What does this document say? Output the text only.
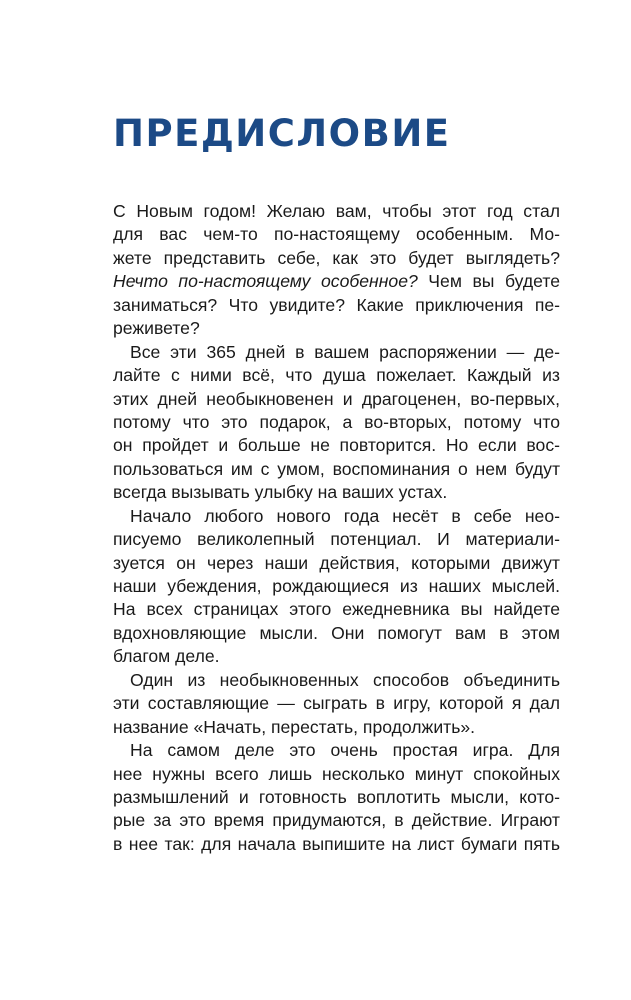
ПРЕДИСЛОВИЕ
С Новым годом! Желаю вам, чтобы этот год стал
для вас чем-то по-настоящему особенным. Мо-
жете представить себе, как это будет выглядеть?
Нечто по-настоящему особенное? Чем вы будете
заниматься? Что увидите? Какие приключения пе-
реживете?
Все эти 365 дней в вашем распоряжении — де-
лайте с ними всё, что душа пожелает. Каждый из
этих дней необыкновенен и драгоценен, во-первых,
потому что это подарок, а во-вторых, потому что
он пройдет и больше не повторится. Но если вос-
пользоваться им с умом, воспоминания о нем будут
всегда вызывать улыбку на ваших устах.
Начало любого нового года несёт в себе нео-
писуемо великолепный потенциал. И материали-
зуется он через наши действия, которыми движут
наши убеждения, рождающиеся из наших мыслей.
На всех страницах этого ежедневника вы найдете
вдохновляющие мысли. Они помогут вам в этом
благом деле.
Один из необыкновенных способов объединить
эти составляющие — сыграть в игру, которой я дал
название «Начать, перестать, продолжить».
На самом деле это очень простая игра. Для
нее нужны всего лишь несколько минут спокойных
размышлений и готовность воплотить мысли, кото-
рые за это время придумаются, в действие. Играют
в нее так: для начала выпишите на лист бумаги пять
